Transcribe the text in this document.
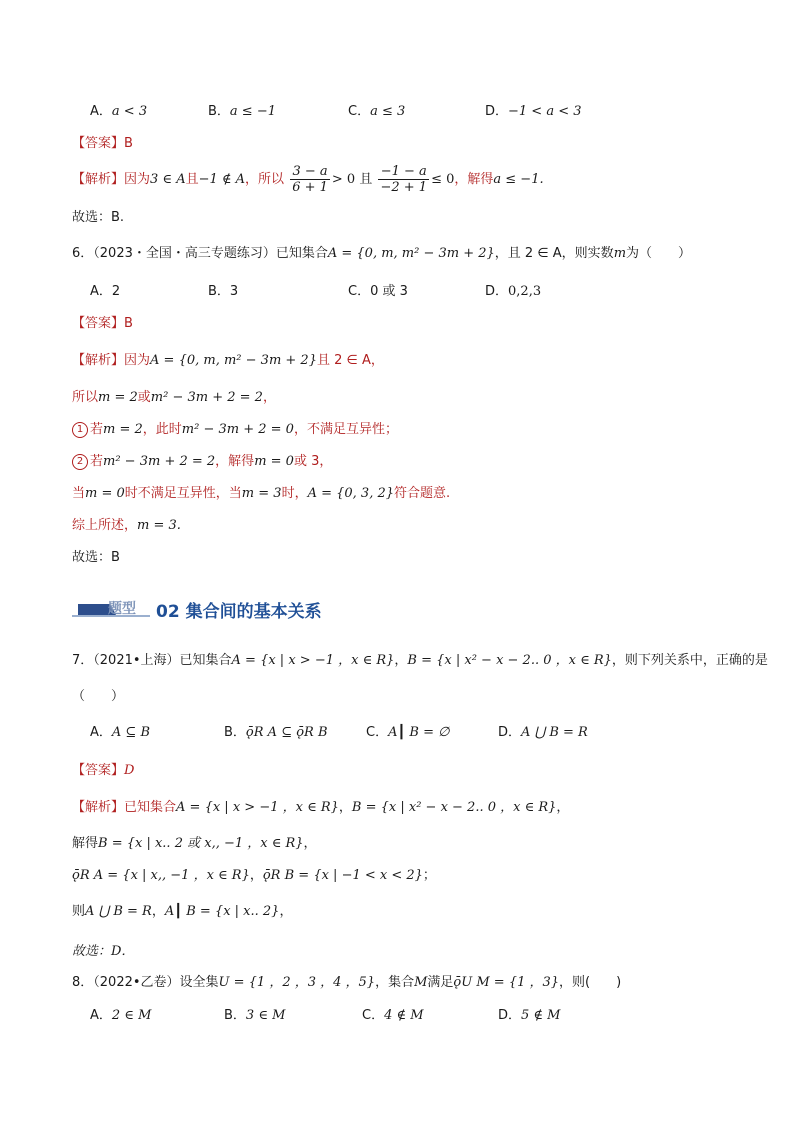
A．a < 3	B．a ≤ −1	C．a ≤ 3	D．−1 < a < 3
【答案】B
【解析】因为3 ∈ A且−1 ∉ A，所以 $\frac{3 - a}{6 + 1} > 0$ 且 $\frac{-1 - a}{-2 + 1} \le 0$，解得a ≤ −1.
故选：B.
6．（2023・全国・高三专题练习）已知集合A = {0, m, m² − 3m + 2}，且 2 ∈ A，则实数m为（　　）
A．2	B．3	C．0 或 3	D．0,2,3
【答案】B
【解析】因为A = {0, m, m² − 3m + 2}且 2 ∈ A，
所以m = 2或m² − 3m + 2 = 2，
1 若m = 2，此时m² − 3m + 2 = 0，不满足互异性；
2 若m² − 3m + 2 = 2，解得m = 0或 3，
当m = 0时不满足互异性，当m = 3时，A = {0, 3, 2}符合题意.
综上所述，m = 3.
故选：B
题型 02 集合间的基本关系
7．（2021•上海）已知集合A = {x | x > −1 ，x ∈ R}，B = {x | x² − x − 2.. 0 ，x ∈ R}，则下列关系中，正确的是
（　　）
A．A ⊆ B	B．ǭR A ⊆ ǭR B	C．A┃ B = ∅	D．A ⋃ B = R
【答案】D
【解析】已知集合A = {x | x > −1 ，x ∈ R}，B = {x | x² − x − 2.. 0 ，x ∈ R}，
解得B = {x | x.. 2 或 x,, −1 ，x ∈ R}，
ǭR A = {x | x,, −1 ，x ∈ R}，ǭR B = {x | −1 < x < 2}；
则A ⋃ B = R，A┃ B = {x | x.. 2}，
故选：D．
8．（2022•乙卷）设全集U = {1 ，2 ，3 ，4 ，5}，集合M满足ǭU M = {1 ，3}，则(　　)
A．2 ∈ M	B．3 ∈ M	C．4 ∉ M	D．5 ∉ M
